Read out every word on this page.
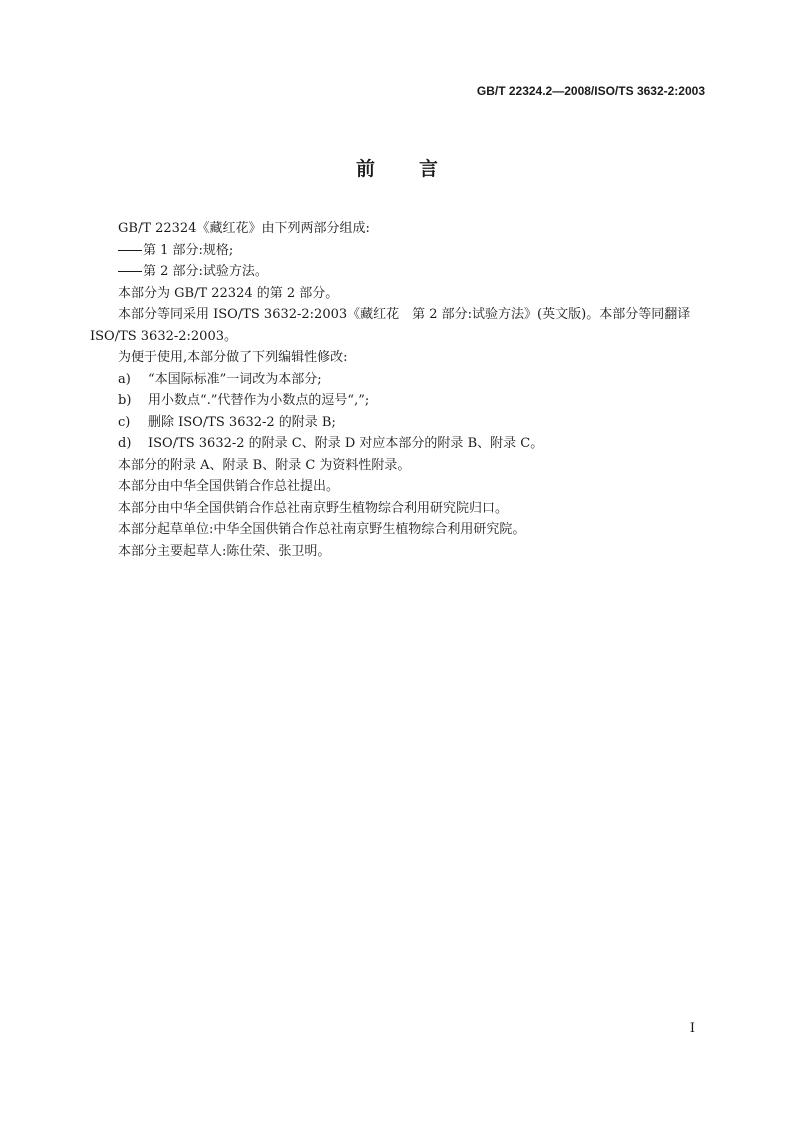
GB/T 22324.2—2008/ISO/TS 3632-2:2003
前 言

GB/T 22324《藏红花》由下列两部分组成:

第 1 部分:规格;

第 2 部分:试验方法。

本部分为 GB/T 22324 的第 2 部分。

本部分等同采用 ISO/TS 3632-2:2003《藏红花　第 2 部分:试验方法》(英文版)。本部分等同翻译 ISO/TS 3632-2:2003。

为便于使用,本部分做了下列编辑性修改:

a) “本国际标准”一词改为本部分;

b) 用小数点“.”代替作为小数点的逗号“,”;

c) 删除 ISO/TS 3632-2 的附录 B;

d) ISO/TS 3632-2 的附录 C、附录 D 对应本部分的附录 B、附录 C。

本部分的附录 A、附录 B、附录 C 为资料性附录。

本部分由中华全国供销合作总社提出。

本部分由中华全国供销合作总社南京野生植物综合利用研究院归口。

本部分起草单位:中华全国供销合作总社南京野生植物综合利用研究院。

本部分主要起草人:陈仕荣、张卫明。

I
